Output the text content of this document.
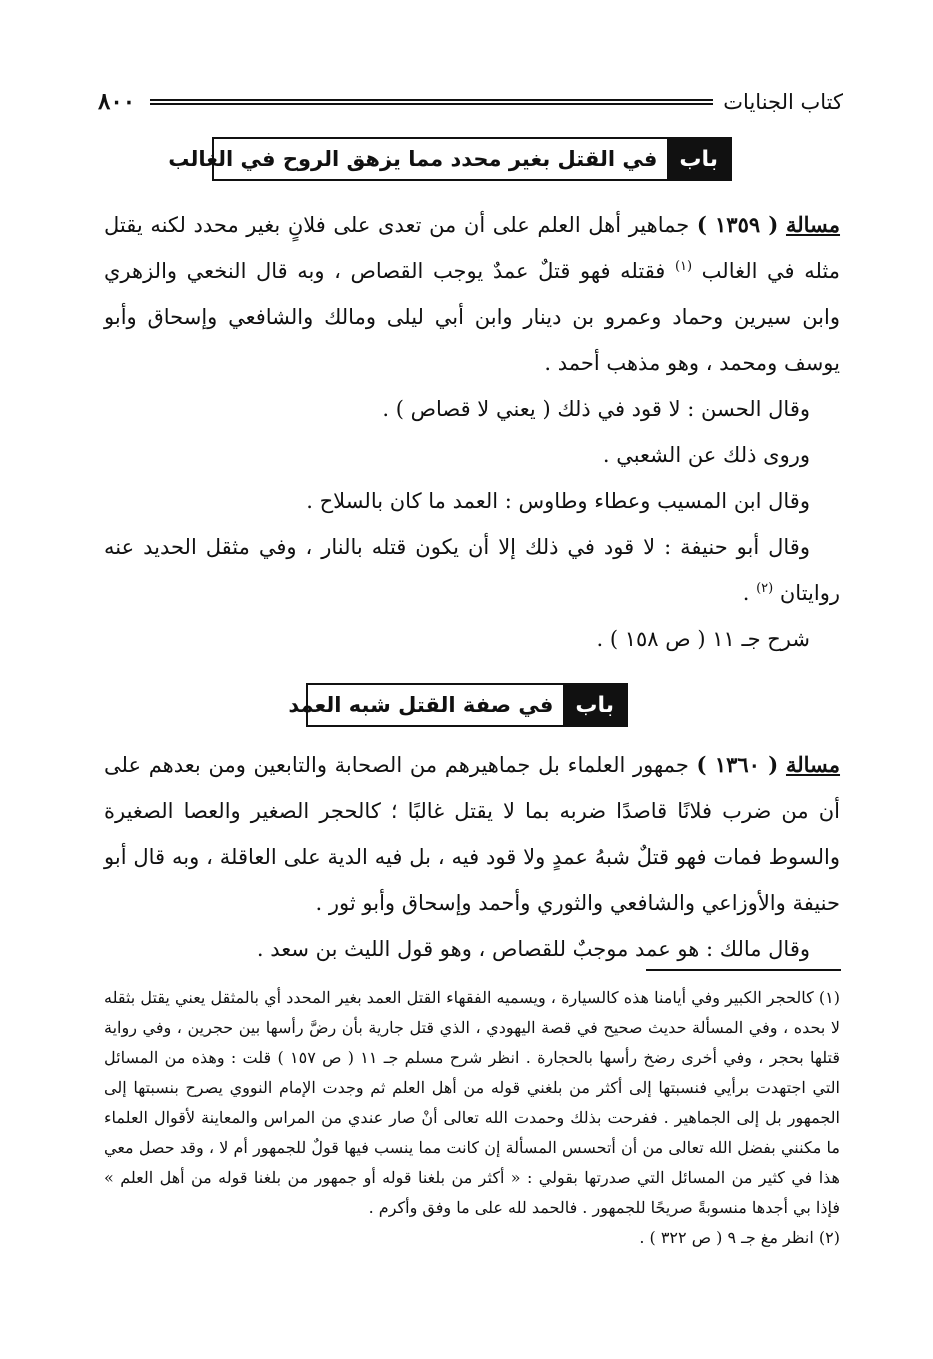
كتاب الجنايات
٨٠٠
باب
في القتل بغير محدد مما يزهق الروح في الغالب

مسالة ( ١٣٥٩ ) جماهير أهل العلم على أن من تعدى على فلانٍ بغير محدد لكنه يقتل مثله في الغالب $^{(١)}$ فقتله فهو قتلٌ عمدٌ يوجب القصاص ، وبه قال النخعي والزهري وابن سيرين وحماد وعمرو بن دينار وابن أبي ليلى ومالك والشافعي وإسحاق وأبو يوسف ومحمد ، وهو مذهب أحمد .

وقال الحسن : لا قود في ذلك ( يعني لا قصاص ) .

وروى ذلك عن الشعبي .

وقال ابن المسيب وعطاء وطاوس : العمد ما كان بالسلاح .

وقال أبو حنيفة : لا قود في ذلك إلا أن يكون قتله بالنار ، وفي مثقل الحديد عنه روايتان $^{(٢)}$ .

شرح جـ ١١ ( ص ١٥٨ ) .

باب
في صفة القتل شبه العمد

مسالة ( ١٣٦٠ ) جمهور العلماء بل جماهيرهم من الصحابة والتابعين ومن بعدهم على أن من ضرب فلانًا قاصدًا ضربه بما لا يقتل غالبًا ؛ كالحجر الصغير والعصا الصغيرة والسوط فمات فهو قتلٌ شبهُ عمدٍ ولا قود فيه ، بل فيه الدية على العاقلة ، وبه قال أبو حنيفة والأوزاعي والشافعي والثوري وأحمد وإسحاق وأبو ثور .

وقال مالك : هو عمد موجبٌ للقصاص ، وهو قول الليث بن سعد .

(١) كالحجر الكبير وفي أيامنا هذه كالسيارة ، ويسميه الفقهاء القتل العمد بغير المحدد أي بالمثقل يعني يقتل بثقله لا بحده ، وفي المسألة حديث صحيح في قصة اليهودي ، الذي قتل جارية بأن رضَّ رأسها بين حجرين ، وفي رواية قتلها بحجر ، وفي أخرى رضخ رأسها بالحجارة . انظر شرح مسلم جـ ١١ ( ص ١٥٧ ) قلت : وهذه من المسائل التي اجتهدت برأيي فنسبتها إلى أكثر من بلغني قوله من أهل العلم ثم وجدت الإمام النووي يصرح بنسبتها إلى الجمهور بل إلى الجماهير . ففرحت بذلك وحمدت الله تعالى أنْ صار عندي من المراس والمعاينة لأقوال العلماء ما مكنني بفضل الله تعالى من أن أتحسس المسألة إن كانت مما ينسب فيها قولٌ للجمهور أم لا ، وقد حصل معي هذا في كثير من المسائل التي صدرتها بقولي : « أكثر من بلغنا قوله أو جمهور من بلغنا قوله من أهل العلم » فإذا بي أجدها منسوبةً صريحًا للجمهور . فالحمد لله على ما وفق وأكرم .

(٢) انظر مغ جـ ٩ ( ص ٣٢٢ ) .
